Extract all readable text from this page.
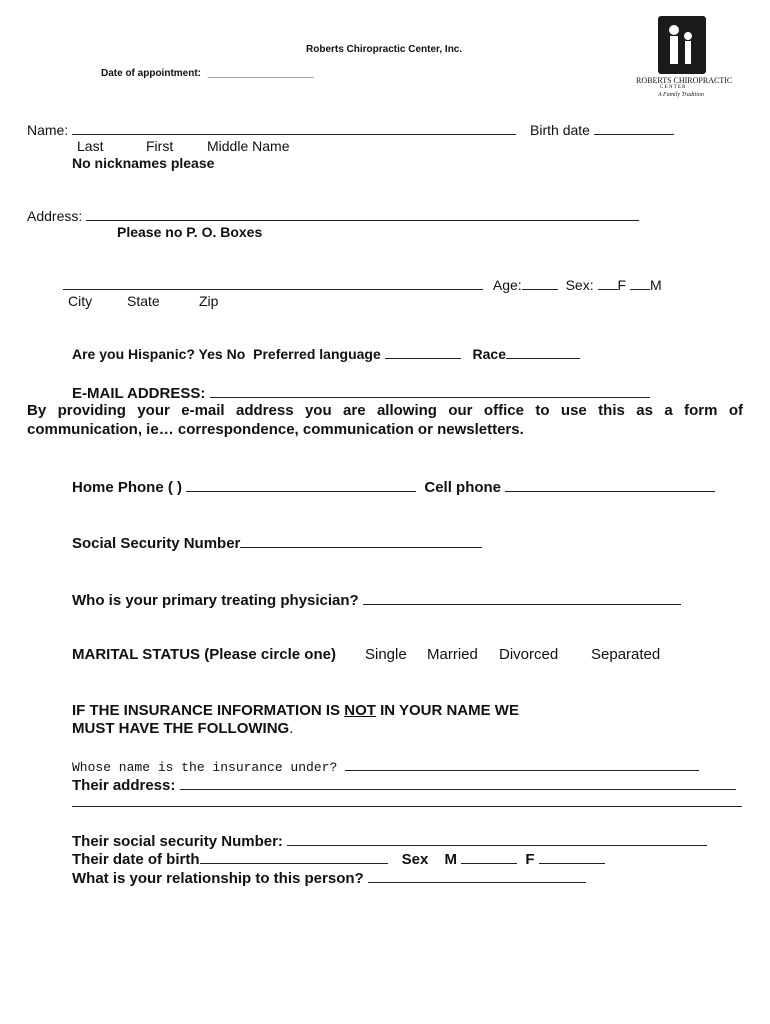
Roberts Chiropractic Center, Inc.
Date of appointment: ___________________
ROBERTS CHIROPRACTIC
C E N T E R
A Family Tradition
Name:	Birth date
Last	First Middle Name
No nicknames please
Address:
Please no P. O. Boxes
Age:	Sex: F M
City State	Zip
Are you Hispanic? Yes No Preferred language	Race
E-MAIL ADDRESS:
By providing your e-mail address you are allowing our office to use this as a form of
communication, ie… correspondence, communication or newsletters.
Home Phone ( )	Cell phone
Social Security Number
Who is your primary treating physician?
MARITAL STATUS (Please circle one) Single Married Divorced Separated
IF THE INSURANCE INFORMATION IS NOT IN YOUR NAME WE
MUST HAVE THE FOLLOWING.
Whose name is the insurance under?
Their address:
Their social security Number:
Their date of birth	Sex M	F
What is your relationship to this person?
